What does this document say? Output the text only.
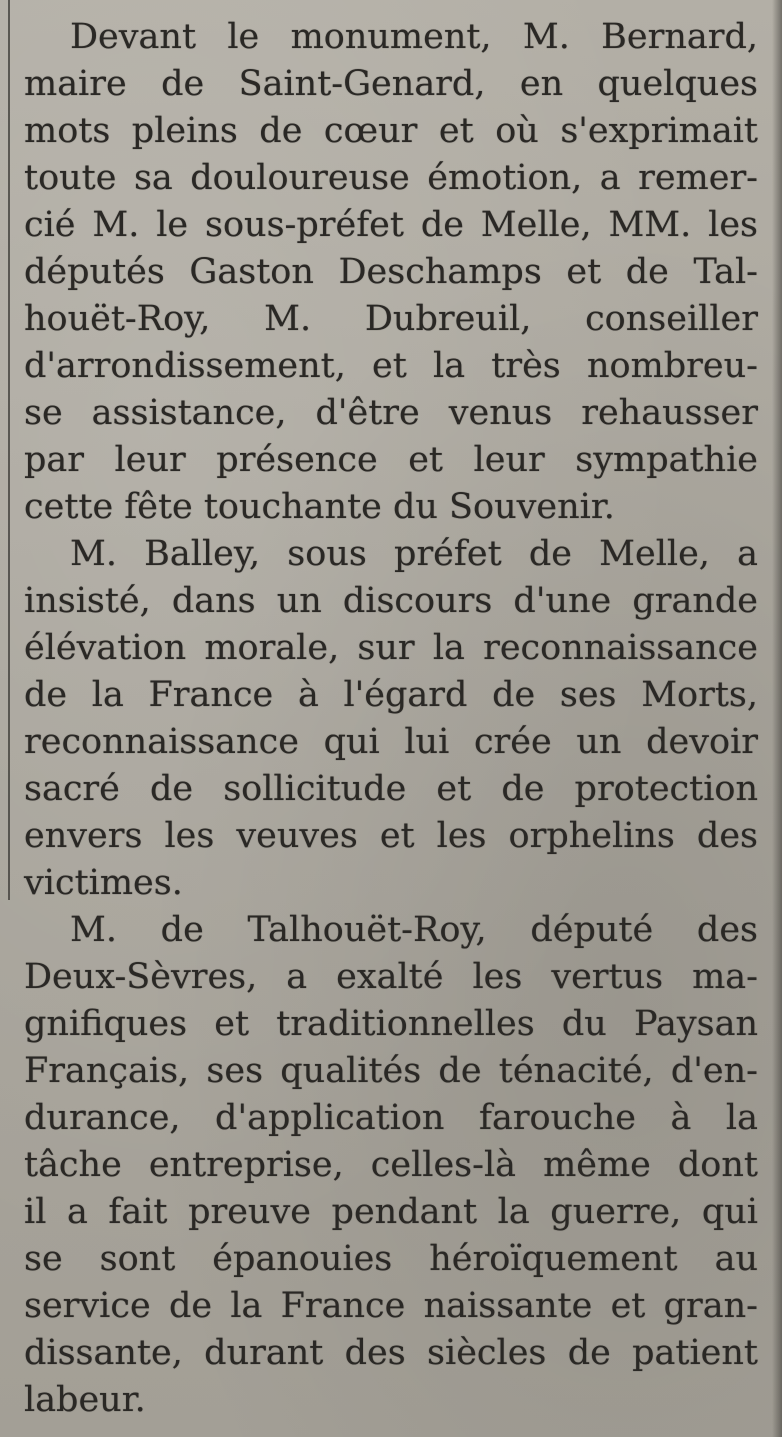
Devant le monument, M. Bernard,
maire de Saint-Genard, en quelques
mots pleins de cœur et où s'exprimait
toute sa douloureuse émotion, a remer-
cié M. le sous-préfet de Melle, MM. les
députés Gaston Deschamps et de Tal-
houët-Roy, M. Dubreuil, conseiller
d'arrondissement, et la très nombreu-
se assistance, d'être venus rehausser
par leur présence et leur sympathie
cette fête touchante du Souvenir.
M. Balley, sous préfet de Melle, a
insisté, dans un discours d'une grande
élévation morale, sur la reconnaissance
de la France à l'égard de ses Morts,
reconnaissance qui lui crée un devoir
sacré de sollicitude et de protection
envers les veuves et les orphelins des
victimes.
M. de Talhouët-Roy, député des
Deux-Sèvres, a exalté les vertus ma-
gnifiques et traditionnelles du Paysan
Français, ses qualités de ténacité, d'en-
durance, d'application farouche à la
tâche entreprise, celles-là même dont
il a fait preuve pendant la guerre, qui
se sont épanouies héroïquement au
service de la France naissante et gran-
dissante, durant des siècles de patient
labeur.
